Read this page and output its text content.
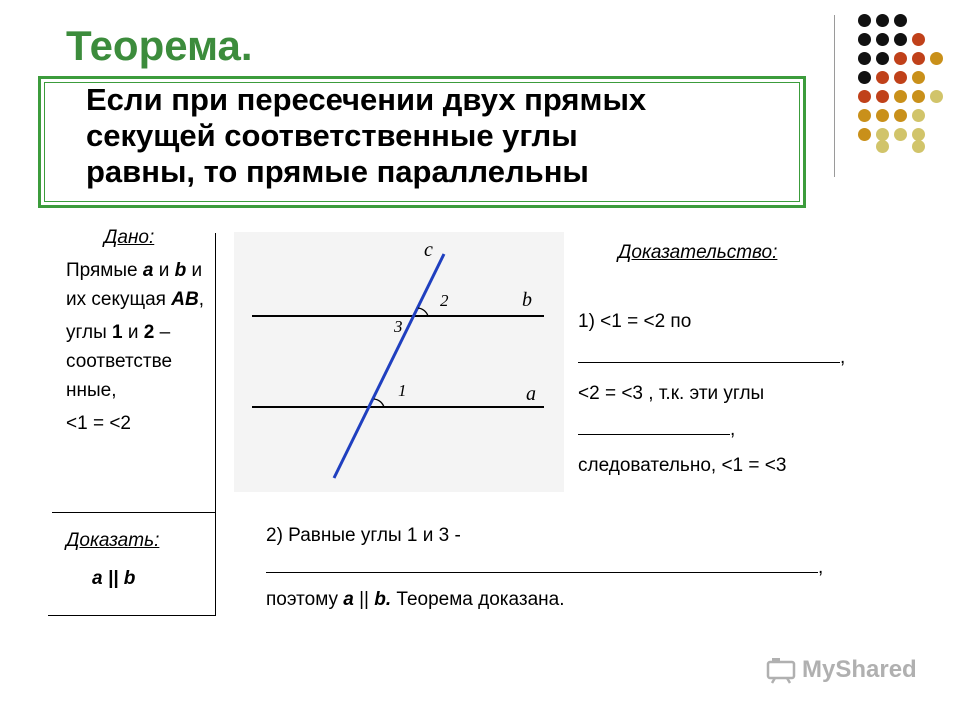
Теорема.
Если при пересечении двух прямых
секущей соответственные углы
равны, то прямые параллельны
Дано:

Прямые а и b и их секущая АВ,

углы 1 и 2 – соответстве нные,

<1 = <2

Доказать:
a || b
c
b
a
2
3
1
Доказательство:
1) <1 = <2 по
,
<2 = <3 , т.к. эти углы
,
следовательно, <1 = <3
2) Равные углы 1 и 3 -
,
поэтому а || b. Теорема доказана.
MyShared
